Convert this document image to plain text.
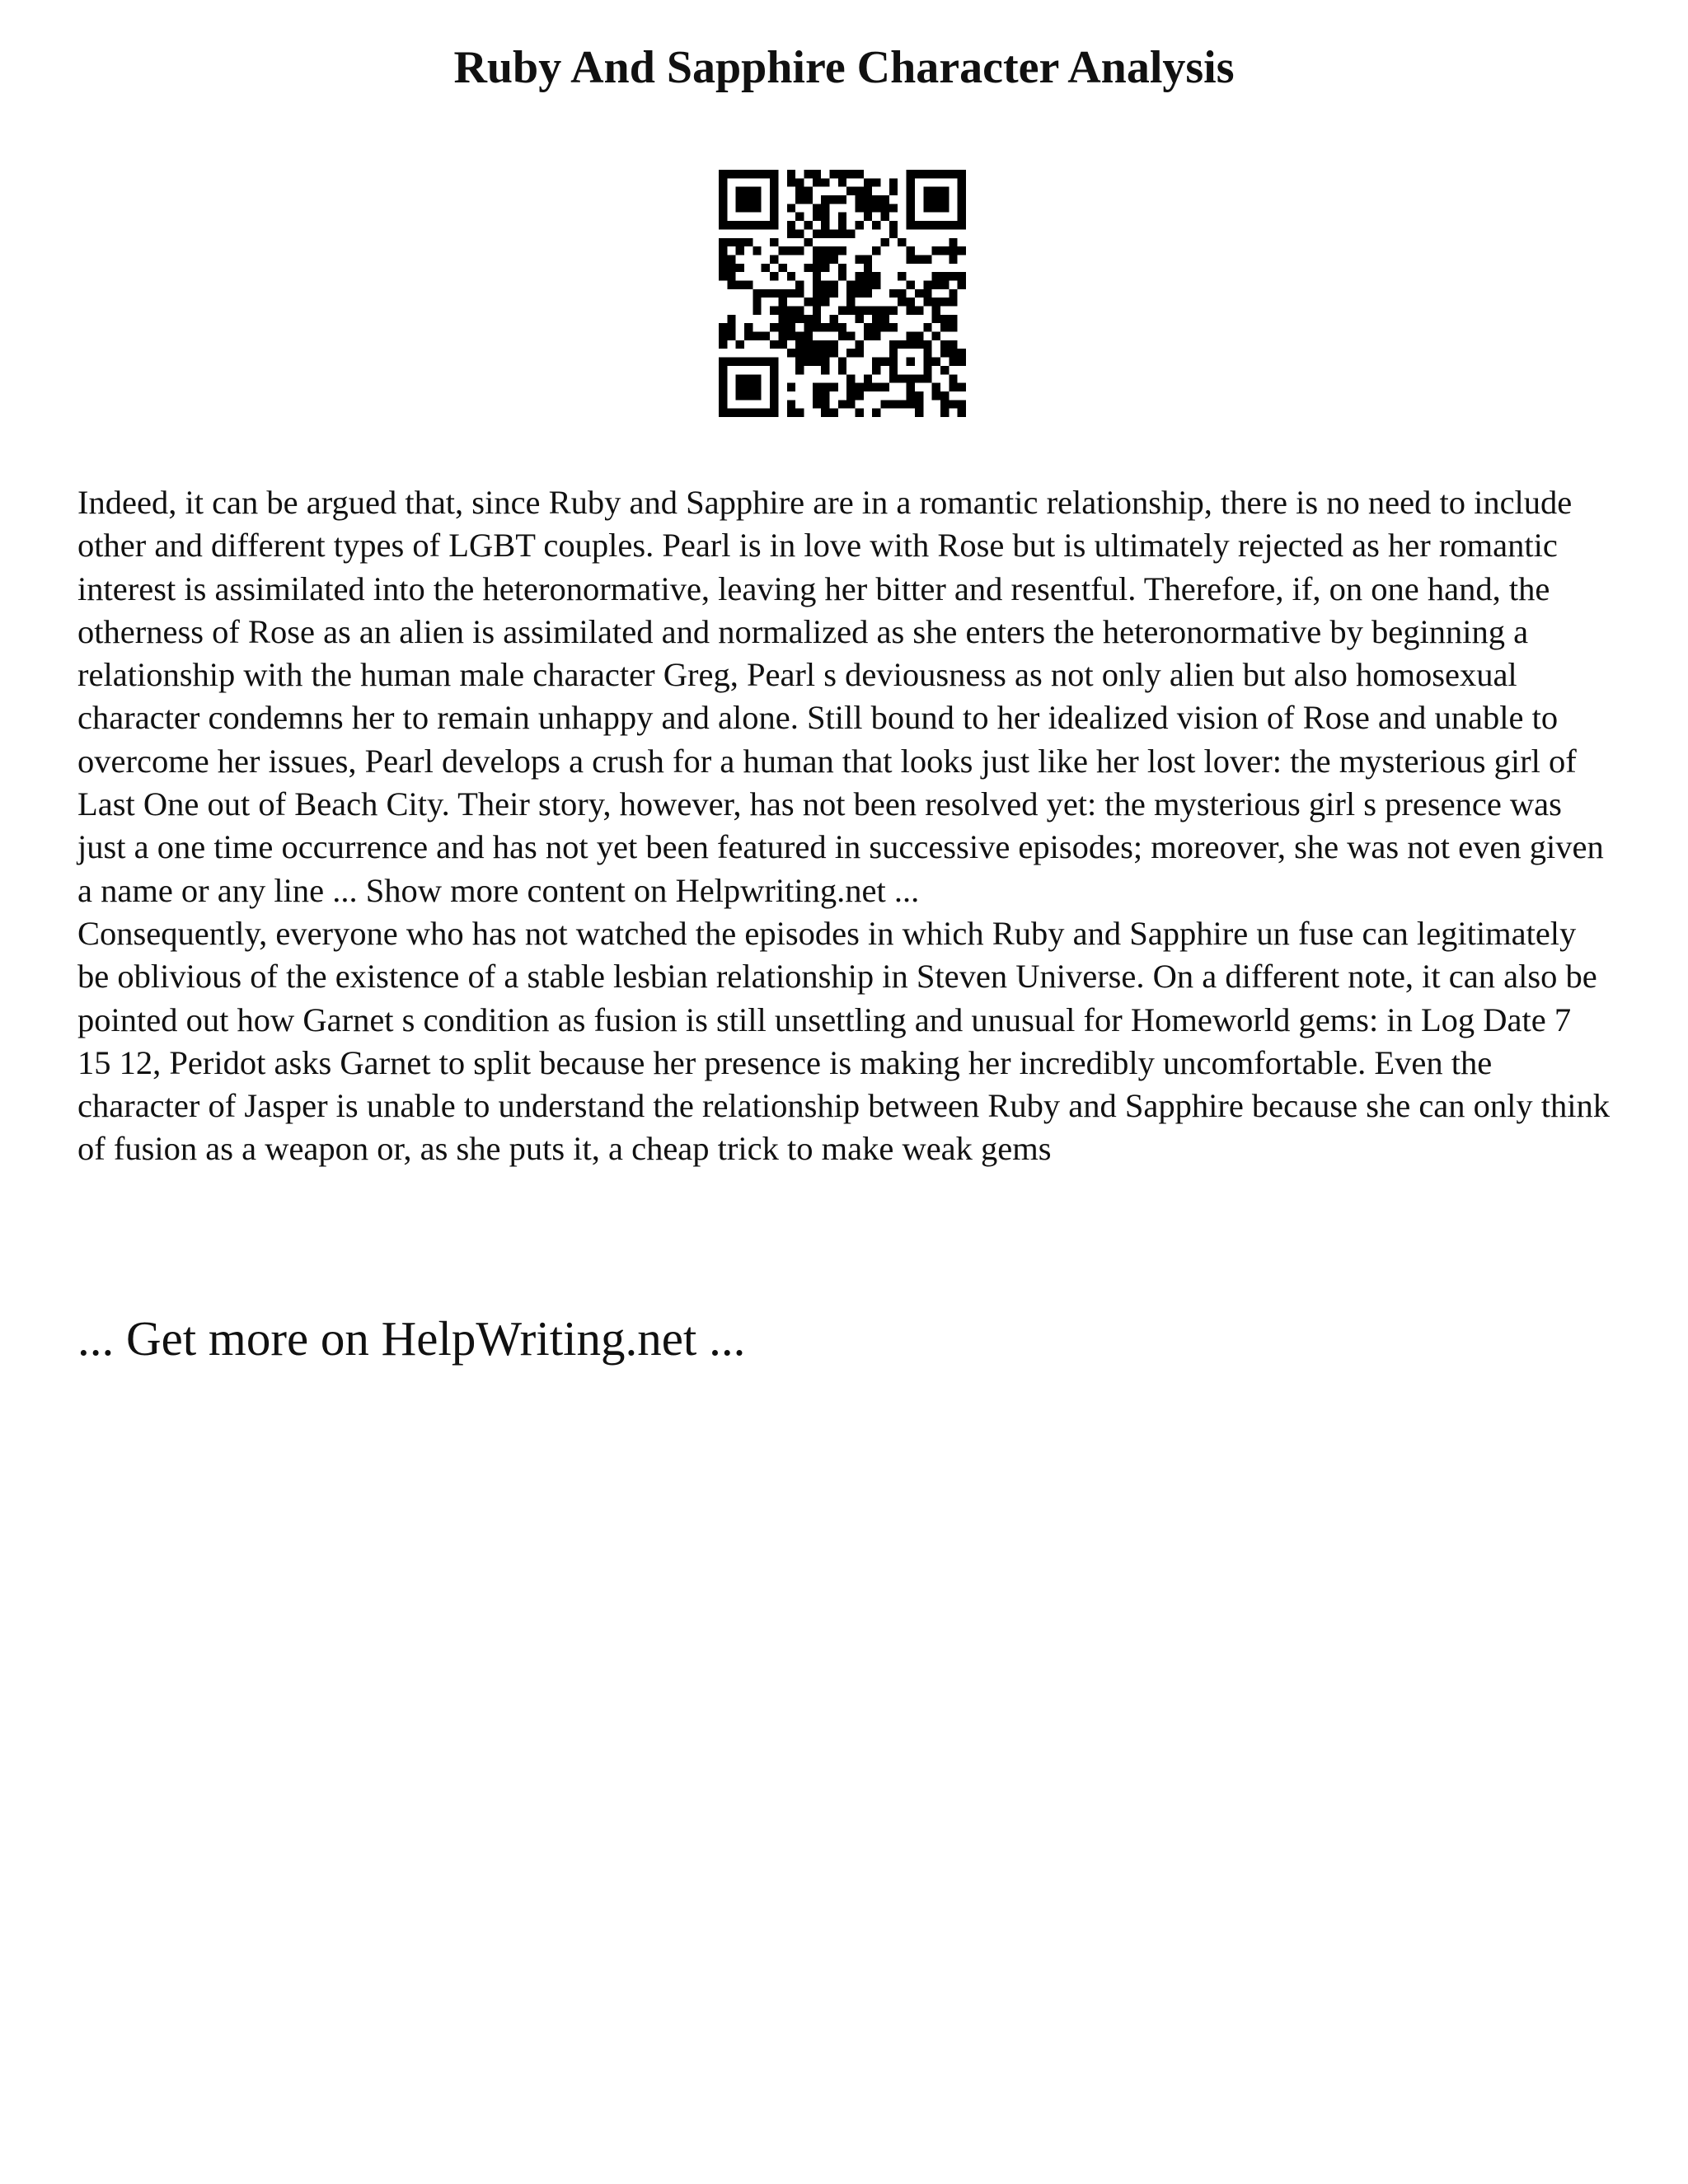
Ruby And Sapphire Character Analysis

Indeed, it can be argued that, since Ruby and Sapphire are in a romantic relationship, there is no need to include other and different types of LGBT couples. Pearl is in love with Rose but is ultimately rejected as her romantic interest is assimilated into the heteronormative, leaving her bitter and resentful. Therefore, if, on one hand, the otherness of Rose as an alien is assimilated and normalized as she enters the heteronormative by beginning a relationship with the human male character Greg, Pearl s deviousness as not only alien but also homosexual character condemns her to remain unhappy and alone. Still bound to her idealized vision of Rose and unable to overcome her issues, Pearl develops a crush for a human that looks just like her lost lover: the mysterious girl of Last One out of Beach City. Their story, however, has not been resolved yet: the mysterious girl s presence was just a one time occurrence and has not yet been featured in successive episodes; moreover, she was not even given a name or any line ... Show more content on Helpwriting.net ...

Consequently, everyone who has not watched the episodes in which Ruby and Sapphire un fuse can legitimately be oblivious of the existence of a stable lesbian relationship in Steven Universe. On a different note, it can also be pointed out how Garnet s condition as fusion is still unsettling and unusual for Homeworld gems: in Log Date 7 15 12, Peridot asks Garnet to split because her presence is making her incredibly uncomfortable. Even the character of Jasper is unable to understand the relationship between Ruby and Sapphire because she can only think of fusion as a weapon or, as she puts it, a cheap trick to make weak gems

... Get more on HelpWriting.net ...
